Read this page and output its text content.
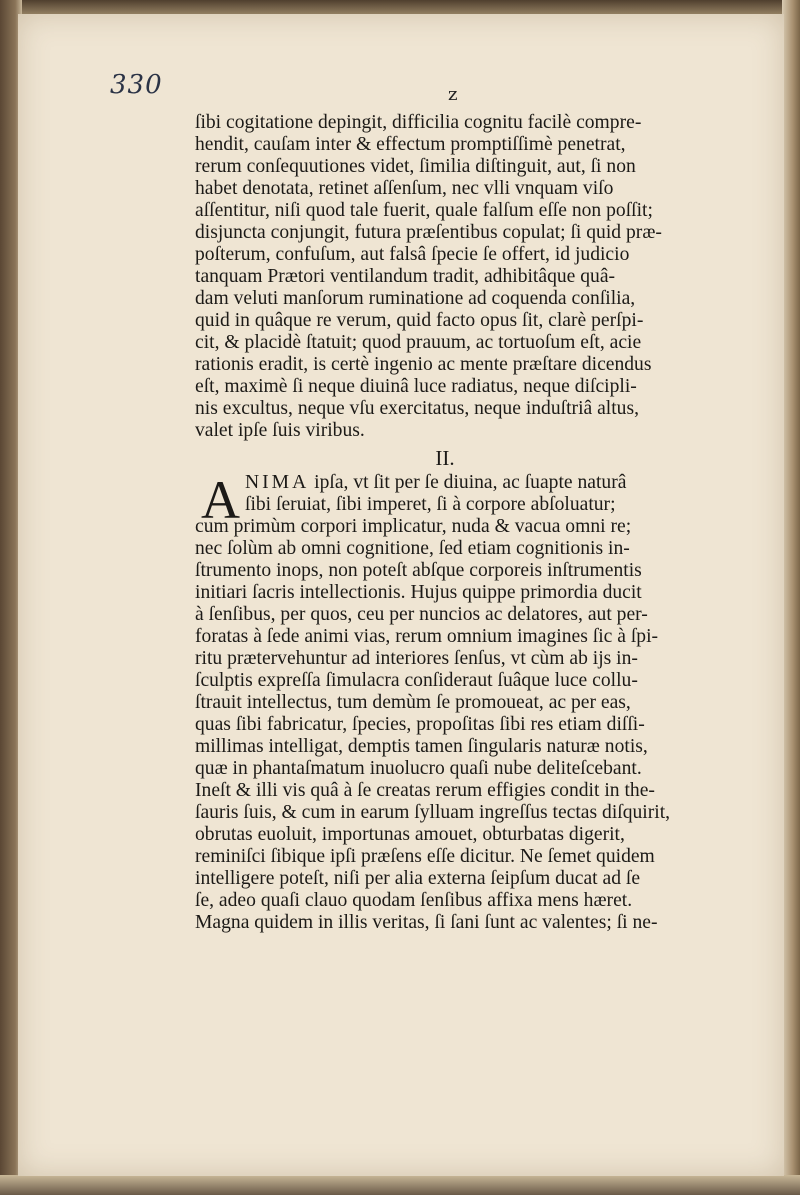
330	z
ſibi cogitatione depingit, difficilia cognitu facilè compre-
hendit, cauſam inter & effectum promptiſſimè penetrat,
rerum conſequutiones videt, ſimilia diſtinguit, aut, ſi non
habet denotata, retinet aſſenſum, nec vlli vnquam viſo
aſſentitur, niſi quod tale fuerit, quale falſum eſſe non poſſit;
disjuncta conjungit, futura præſentibus copulat; ſi quid præ-
poſterum, confuſum, aut falsâ ſpecie ſe offert, id judicio
tanquam Prætori ventilandum tradit, adhibitâque quâ-
dam veluti manſorum ruminatione ad coquenda conſilia,
quid in quâque re verum, quid facto opus ſit, clarè perſpi-
cit, & placidè ſtatuit; quod prauum, ac tortuoſum eſt, acie
rationis eradit, is certè ingenio ac mente præſtare dicendus
eſt, maximè ſi neque diuinâ luce radiatus, neque diſcipli-
nis excultus, neque vſu exercitatus, neque induſtriâ altus,
valet ipſe ſuis viribus.
II.
A NIMA ipſa, vt ſit per ſe diuina, ac ſuapte naturâ
ſibi ſeruiat, ſibi imperet, ſi à corpore abſoluatur;
cum primùm corpori implicatur, nuda & vacua omni re;
nec ſolùm ab omni cognitione, ſed etiam cognitionis in-
ſtrumento inops, non poteſt abſque corporeis inſtrumentis
initiari ſacris intellectionis. Hujus quippe primordia ducit
à ſenſibus, per quos, ceu per nuncios ac delatores, aut per-
foratas à ſede animi vias, rerum omnium imagines ſic à ſpi-
ritu prætervehuntur ad interiores ſenſus, vt cùm ab ijs in-
ſculptis expreſſa ſimulacra conſideraut ſuâque luce collu-
ſtrauit intellectus, tum demùm ſe promoueat, ac per eas,
quas ſibi fabricatur, ſpecies, propoſitas ſibi res etiam diſſi-
millimas intelligat, demptis tamen ſingularis naturæ notis,
quæ in phantaſmatum inuolucro quaſi nube deliteſcebant.
Ineſt & illi vis quâ à ſe creatas rerum effigies condit in the-
ſauris ſuis, & cum in earum ſylluam ingreſſus tectas diſquirit,
obrutas euoluit, importunas amouet, obturbatas digerit,
reminiſci ſibique ipſi præſens eſſe dicitur. Ne ſemet quidem
intelligere poteſt, niſi per alia externa ſeipſum ducat ad ſe
ſe, adeo quaſi clauo quodam ſenſibus affixa mens hæret.
Magna quidem in illis veritas, ſi ſani ſunt ac valentes; ſi ne-
